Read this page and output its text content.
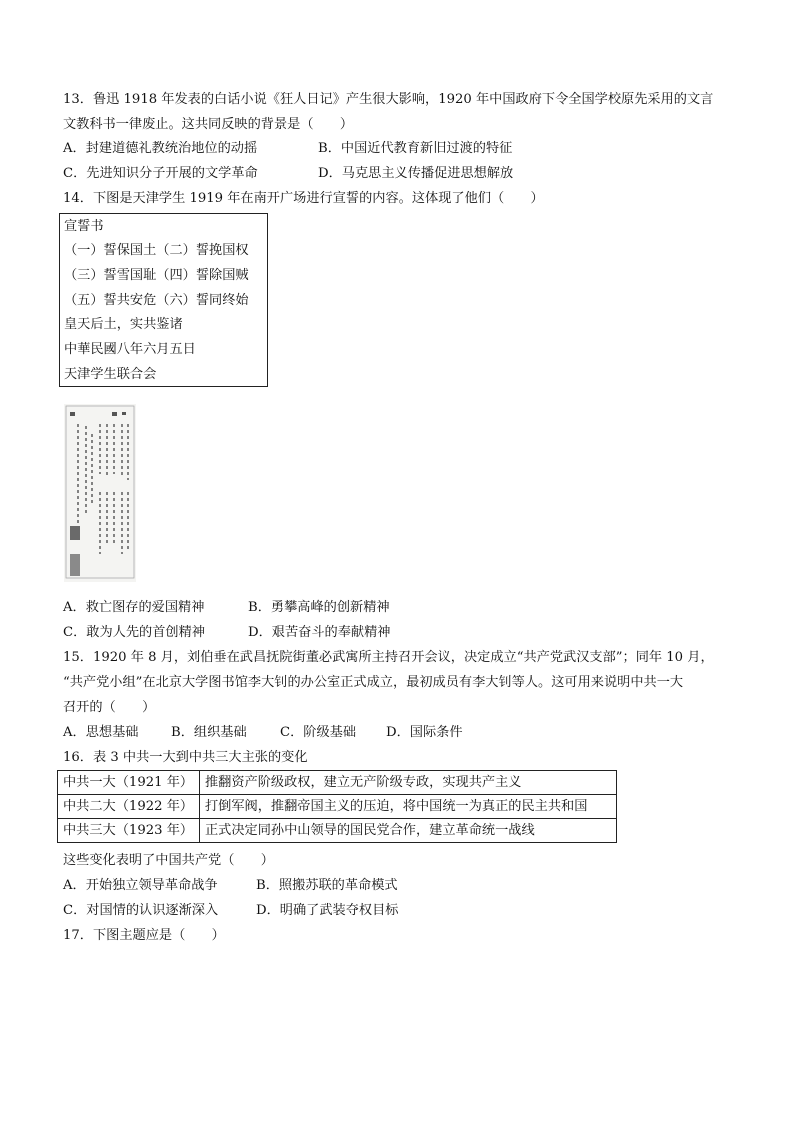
13．鲁迅 1918 年发表的白话小说《狂人日记》产生很大影响，1920 年中国政府下令全国学校原先采用的文言
文教科书一律废止。这共同反映的背景是（　　）
A．封建道德礼教统治地位的动摇	B．中国近代教育新旧过渡的特征
C．先进知识分子开展的文学革命	D．马克思主义传播促进思想解放
14．下图是天津学生 1919 年在南开广场进行宣誓的内容。这体现了他们（　　）
宣誓书
（一）誓保国土（二）誓挽国权
（三）誓雪国耻（四）誓除国贼
（五）誓共安危（六）誓同终始
皇天后土，实共鉴诸
中華民國八年六月五日
天津学生联合会
A．救亡图存的爱国精神	B．勇攀高峰的创新精神
C．敢为人先的首创精神	D．艰苦奋斗的奉献精神
15．1920 年 8 月，刘伯垂在武昌抚院街董必武寓所主持召开会议，决定成立“共产党武汉支部”；同年 10 月，
“共产党小组”在北京大学图书馆李大钊的办公室正式成立，最初成员有李大钊等人。这可用来说明中共一大
召开的（　　）
A．思想基础 B．组织基础	C．阶级基础 D．国际条件
16．表 3 中共一大到中共三大主张的变化
中共一大（1921 年）	推翻资产阶级政权，建立无产阶级专政，实现共产主义
中共二大（1922 年）	打倒军阀，推翻帝国主义的压迫，将中国统一为真正的民主共和国
中共三大（1923 年）	正式决定同孙中山领导的国民党合作，建立革命统一战线
这些变化表明了中国共产党（　　）
A．开始独立领导革命战争	B．照搬苏联的革命模式
C．对国情的认识逐渐深入	D．明确了武装夺权目标
17．下图主题应是（　　）
